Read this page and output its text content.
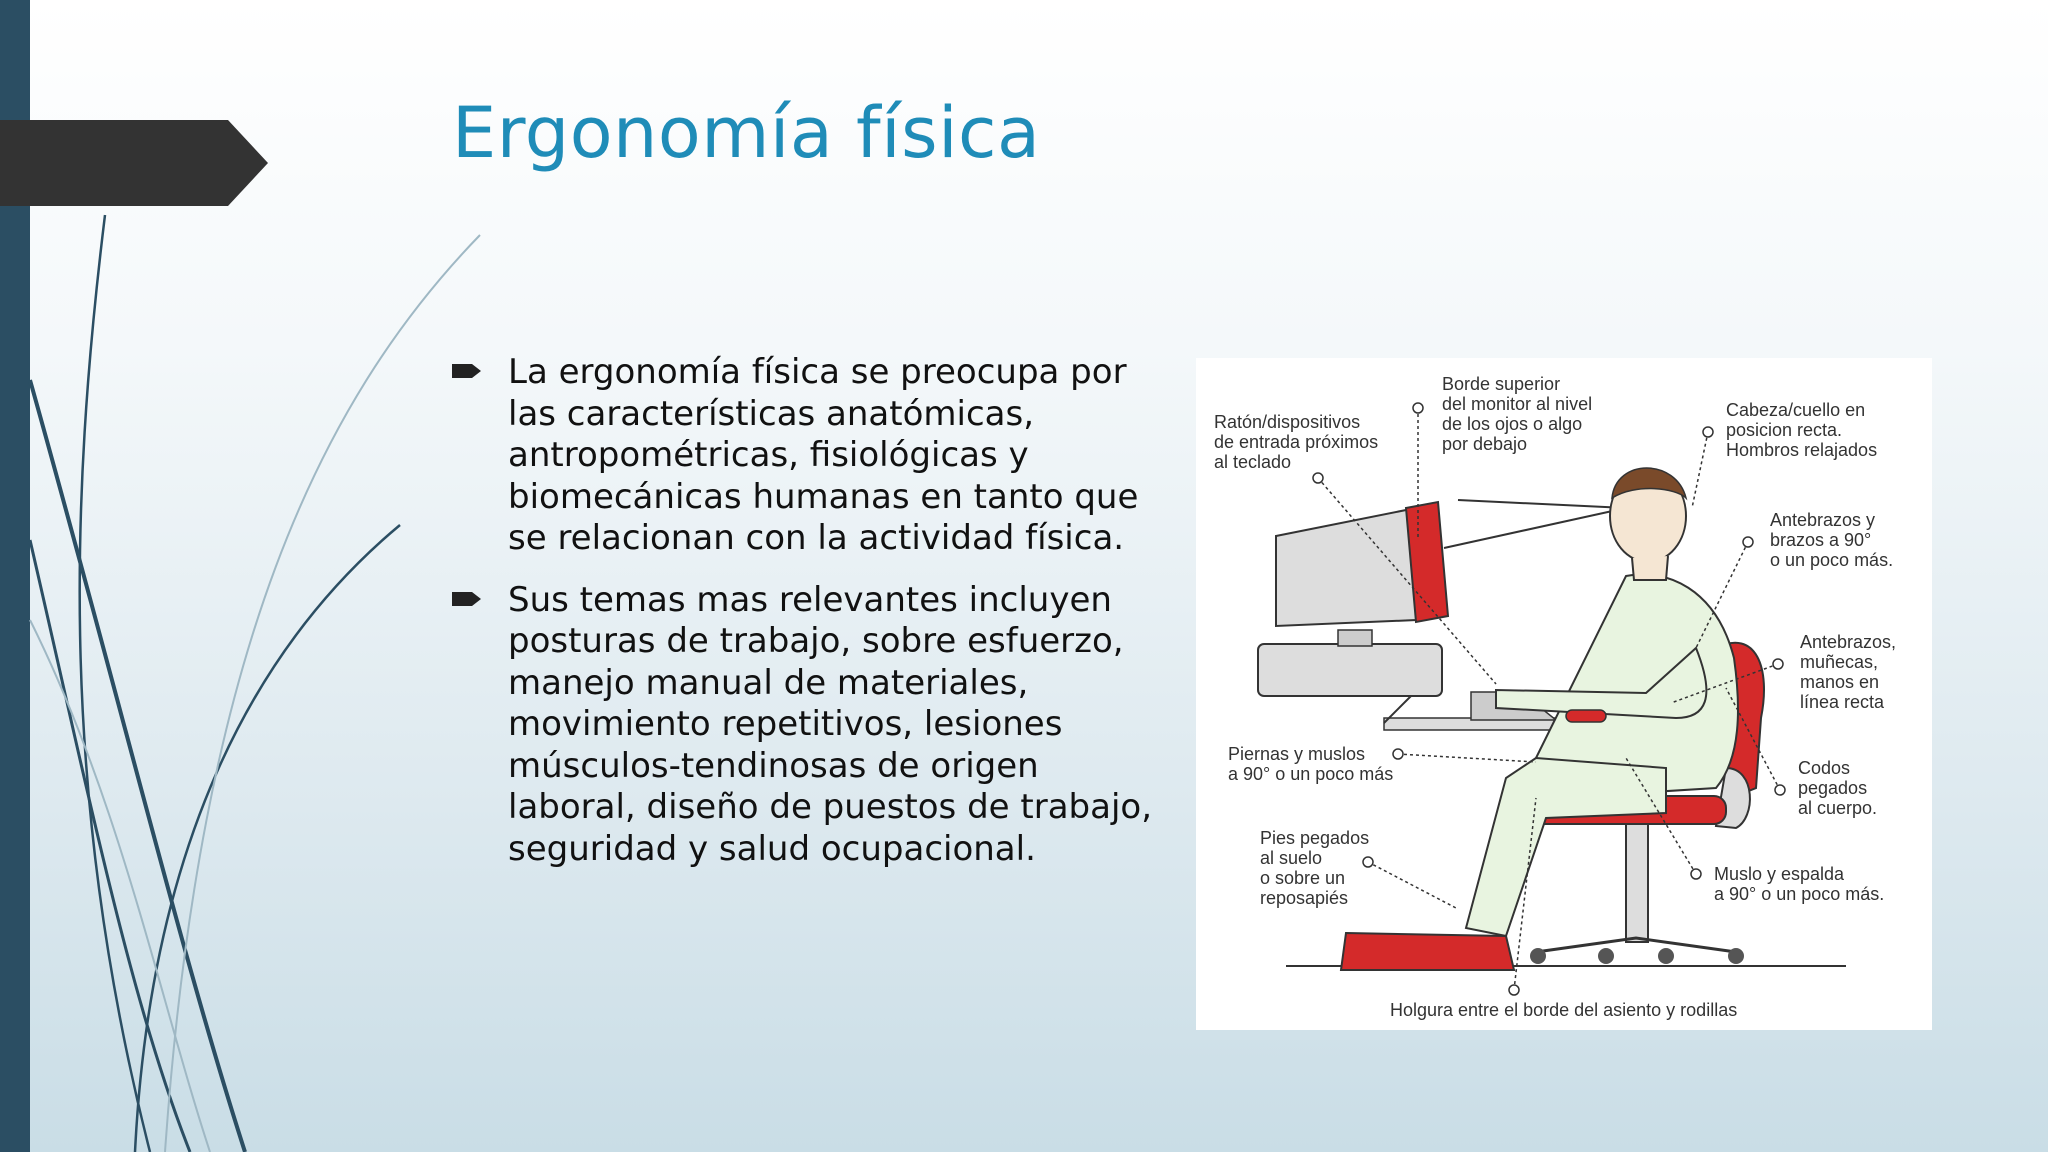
Ergonomía física
La ergonomía física se preocupa por
las características anatómicas,
antropométricas, fisiológicas y
biomecánicas humanas en tanto que
se relacionan con la actividad física.
Sus temas mas relevantes incluyen
posturas de trabajo, sobre esfuerzo,
manejo manual de materiales,
movimiento repetitivos, lesiones
músculos-tendinosas de origen
laboral, diseño de puestos de trabajo,
seguridad y salud ocupacional.
Ratón/dispositivos de entrada próximos al teclado
Borde superior del monitor al nivel de los ojos o algo por debajo
Cabeza/cuello en posicion recta. Hombros relajados
Antebrazos y brazos a 90° o un poco más.
Antebrazos, muñecas, manos en línea recta
Codos pegados al cuerpo.
Piernas y muslos a 90° o un poco más
Pies pegados al suelo o sobre un reposapiés
Muslo y espalda a 90° o un poco más.
Holgura entre el borde del asiento y rodillas
